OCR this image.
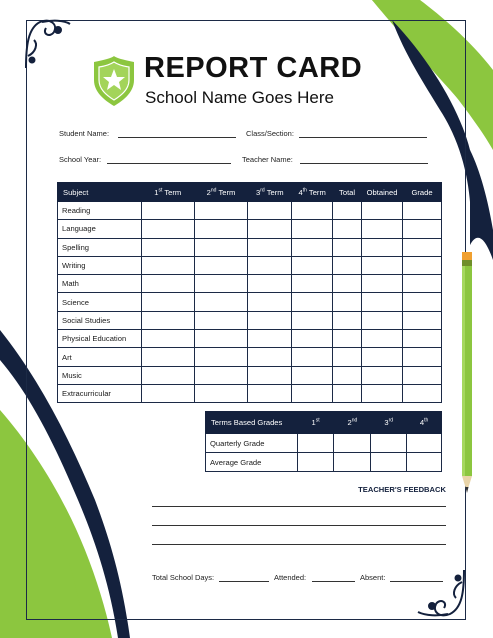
REPORT CARD
School Name Goes Here
Student Name:	Class/Section:
School Year:	Teacher Name:
Subject	1st Term	2nd Term	3rd Term	4th Term	Total	Obtained	Grade
Reading							
Language							
Spelling							
Writing							
Math							
Science							
Social Studies							
Physical Education							
Art							
Music							
Extracurricular							
Terms Based Grades	1st	2nd	3rd	4th
Quarterly Grade				
Average Grade				
TEACHER'S FEEDBACK
Total School Days:	Attended:	Absent:
